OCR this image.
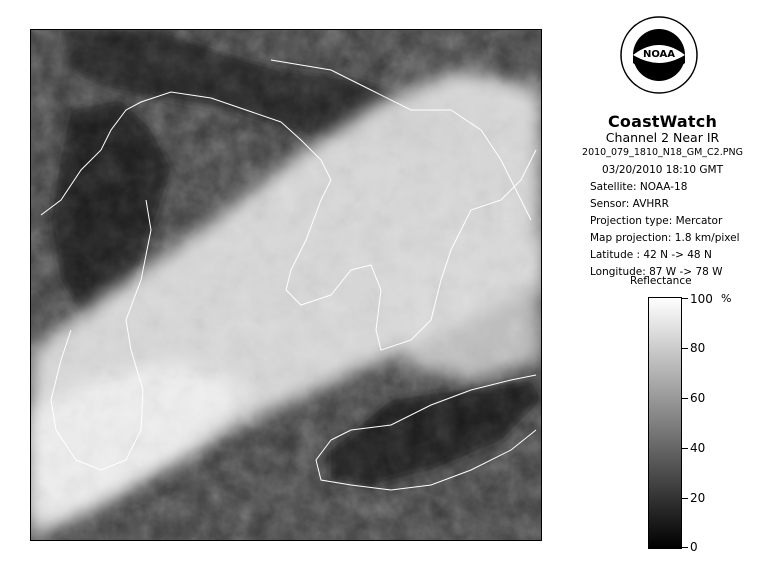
NOAA
CoastWatch
Channel 2 Near IR
2010_079_1810_N18_GM_C2.PNG
03/20/2010 18:10 GMT
Satellite: NOAA-18
Sensor: AVHRR
Projection type: Mercator
Map projection: 1.8 km/pixel
Latitude : 42 N -> 48 N
Longitude: 87 W -> 78 W
Reflectance
%
100
80
60
40
20
0
